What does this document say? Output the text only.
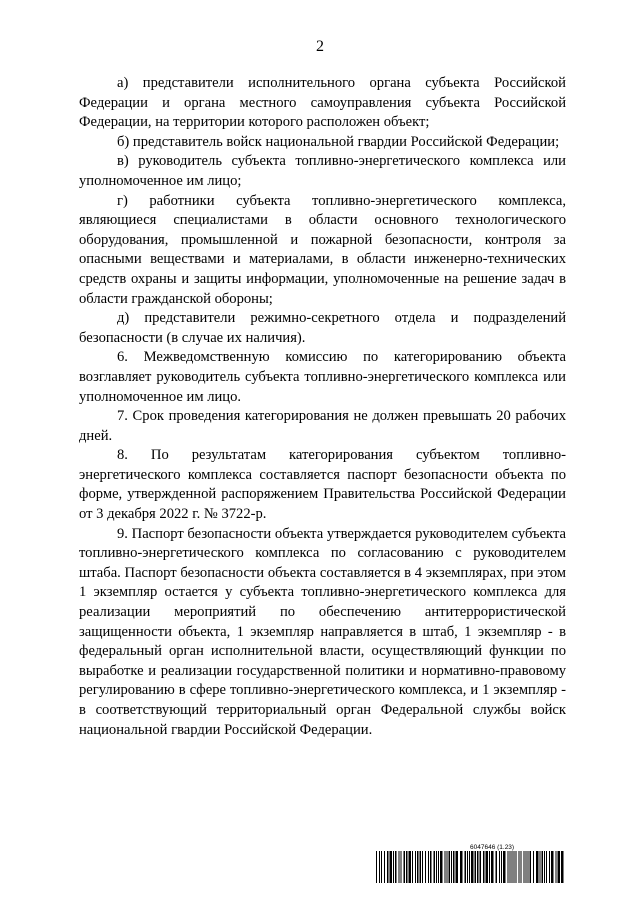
2

а) представители исполнительного органа субъекта Российской Федерации и органа местного самоуправления субъекта Российской Федерации, на территории которого расположен объект;

б) представитель войск национальной гвардии Российской Федерации;

в) руководитель субъекта топливно-энергетического комплекса или уполномоченное им лицо;

г) работники субъекта топливно-энергетического комплекса, являющиеся специалистами в области основного технологического оборудования, промышленной и пожарной безопасности, контроля за опасными веществами и материалами, в области инженерно-технических средств охраны и защиты информации, уполномоченные на решение задач в области гражданской обороны;

д) представители режимно-секретного отдела и подразделений безопасности (в случае их наличия).

6. Межведомственную комиссию по категорированию объекта возглавляет руководитель субъекта топливно-энергетического комплекса или уполномоченное им лицо.

7. Срок проведения категорирования не должен превышать 20 рабочих дней.

8. По результатам категорирования субъектом топливно-энергетического комплекса составляется паспорт безопасности объекта по форме, утвержденной распоряжением Правительства Российской Федерации от 3 декабря 2022 г. № 3722-р.

9. Паспорт безопасности объекта утверждается руководителем субъекта топливно-энергетического комплекса по согласованию с руководителем штаба. Паспорт безопасности объекта составляется в 4 экземплярах, при этом 1 экземпляр остается у субъекта топливно-энергетического комплекса для реализации мероприятий по обеспечению антитеррористической защищенности объекта, 1 экземпляр направляется в штаб, 1 экземпляр - в федеральный орган исполнительной власти, осуществляющий функции по выработке и реализации государственной политики и нормативно-правовому регулированию в сфере топливно-энергетического комплекса, и 1 экземпляр - в соответствующий территориальный орган Федеральной службы войск национальной гвардии Российской Федерации.

6047646 (1.23)
